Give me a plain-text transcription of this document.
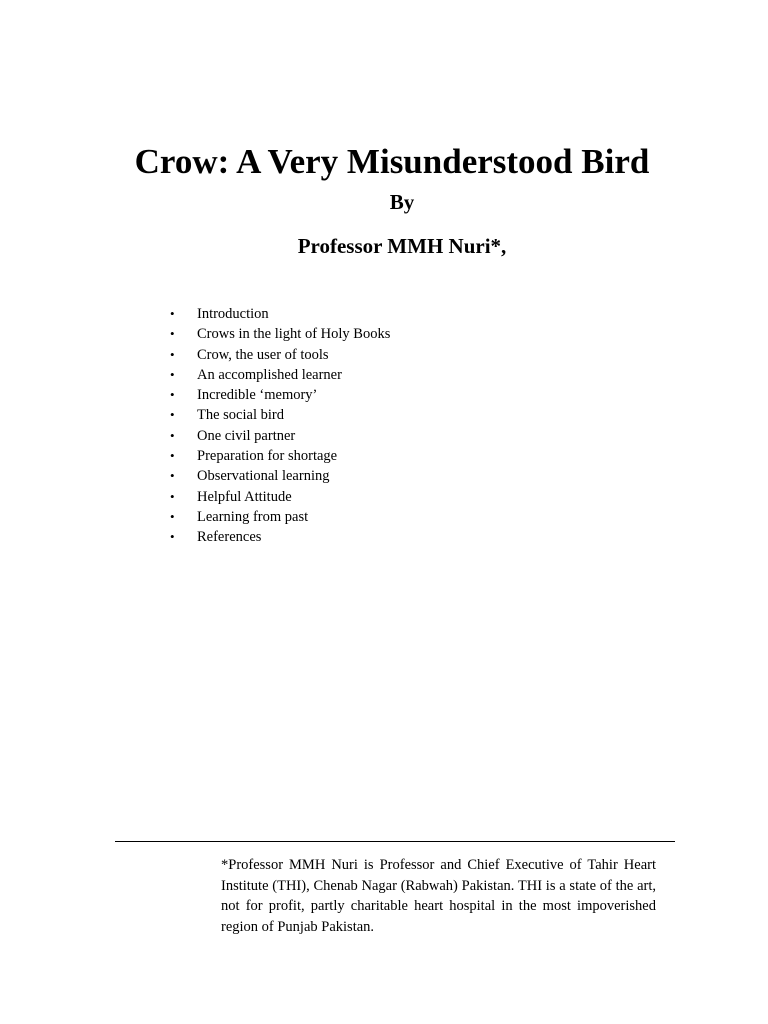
Crow: A Very Misunderstood Bird
By
Professor MMH Nuri*,
•	Introduction
•	Crows in the light of Holy Books
•	Crow, the user of tools
•	An accomplished learner
•	Incredible ‘memory’
•	The social bird
•	One civil partner
•	Preparation for shortage
•	Observational learning
•	Helpful Attitude
•	Learning from past
•	References

*Professor MMH Nuri is Professor and Chief Executive of Tahir Heart Institute (THI), Chenab Nagar (Rabwah) Pakistan. THI is a state of the art, not for profit, partly charitable heart hospital in the most impoverished region of Punjab Pakistan.
